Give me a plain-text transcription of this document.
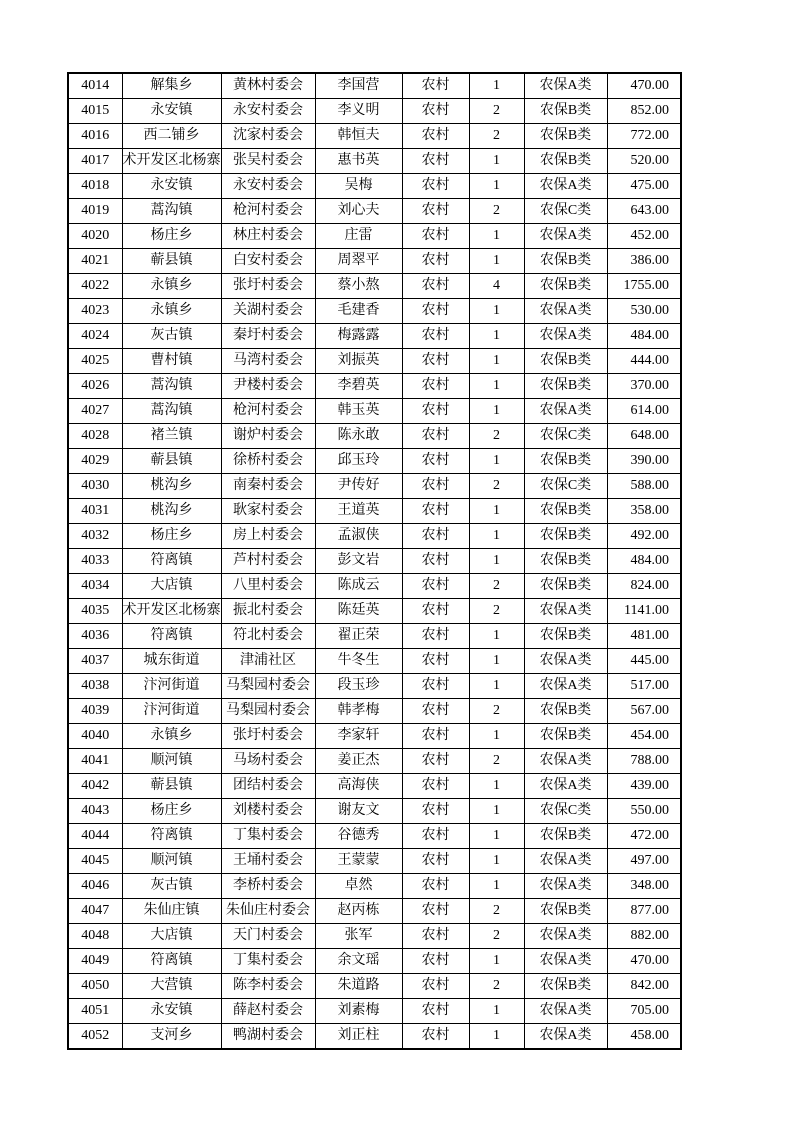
4014	解集乡	黄林村委会	李国营	农村	1	农保A类	470.00
4015	永安镇	永安村委会	李义明	农村	2	农保B类	852.00
4016	西二铺乡	沈家村委会	韩恒夫	农村	2	农保B类	772.00
4017	术开发区北杨寨	张吴村委会	惠书英	农村	1	农保B类	520.00
4018	永安镇	永安村委会	吴梅	农村	1	农保A类	475.00
4019	蒿沟镇	枪河村委会	刘心夫	农村	2	农保C类	643.00
4020	杨庄乡	林庄村委会	庄雷	农村	1	农保A类	452.00
4021	蕲县镇	白安村委会	周翠平	农村	1	农保B类	386.00
4022	永镇乡	张圩村委会	蔡小熬	农村	4	农保B类	1755.00
4023	永镇乡	关湖村委会	毛建香	农村	1	农保A类	530.00
4024	灰古镇	秦圩村委会	梅露露	农村	1	农保A类	484.00
4025	曹村镇	马湾村委会	刘振英	农村	1	农保B类	444.00
4026	蒿沟镇	尹楼村委会	李碧英	农村	1	农保B类	370.00
4027	蒿沟镇	枪河村委会	韩玉英	农村	1	农保A类	614.00
4028	褚兰镇	谢炉村委会	陈永敢	农村	2	农保C类	648.00
4029	蕲县镇	徐桥村委会	邱玉玲	农村	1	农保B类	390.00
4030	桃沟乡	南秦村委会	尹传好	农村	2	农保C类	588.00
4031	桃沟乡	耿家村委会	王道英	农村	1	农保B类	358.00
4032	杨庄乡	房上村委会	孟淑侠	农村	1	农保B类	492.00
4033	符离镇	芦村村委会	彭文岩	农村	1	农保B类	484.00
4034	大店镇	八里村委会	陈成云	农村	2	农保B类	824.00
4035	术开发区北杨寨	振北村委会	陈廷英	农村	2	农保A类	1141.00
4036	符离镇	符北村委会	翟正荣	农村	1	农保B类	481.00
4037	城东街道	津浦社区	牛冬生	农村	1	农保A类	445.00
4038	汴河街道	马梨园村委会	段玉珍	农村	1	农保A类	517.00
4039	汴河街道	马梨园村委会	韩孝梅	农村	2	农保B类	567.00
4040	永镇乡	张圩村委会	李家轩	农村	1	农保B类	454.00
4041	顺河镇	马场村委会	姜正杰	农村	2	农保A类	788.00
4042	蕲县镇	团结村委会	高海侠	农村	1	农保A类	439.00
4043	杨庄乡	刘楼村委会	谢友文	农村	1	农保C类	550.00
4044	符离镇	丁集村委会	谷德秀	农村	1	农保B类	472.00
4045	顺河镇	王埇村委会	王蒙蒙	农村	1	农保A类	497.00
4046	灰古镇	李桥村委会	卓然	农村	1	农保A类	348.00
4047	朱仙庄镇	朱仙庄村委会	赵丙栋	农村	2	农保B类	877.00
4048	大店镇	天门村委会	张军	农村	2	农保A类	882.00
4049	符离镇	丁集村委会	余文瑶	农村	1	农保A类	470.00
4050	大营镇	陈李村委会	朱道路	农村	2	农保B类	842.00
4051	永安镇	薛赵村委会	刘素梅	农村	1	农保A类	705.00
4052	支河乡	鸭湖村委会	刘正柱	农村	1	农保A类	458.00
